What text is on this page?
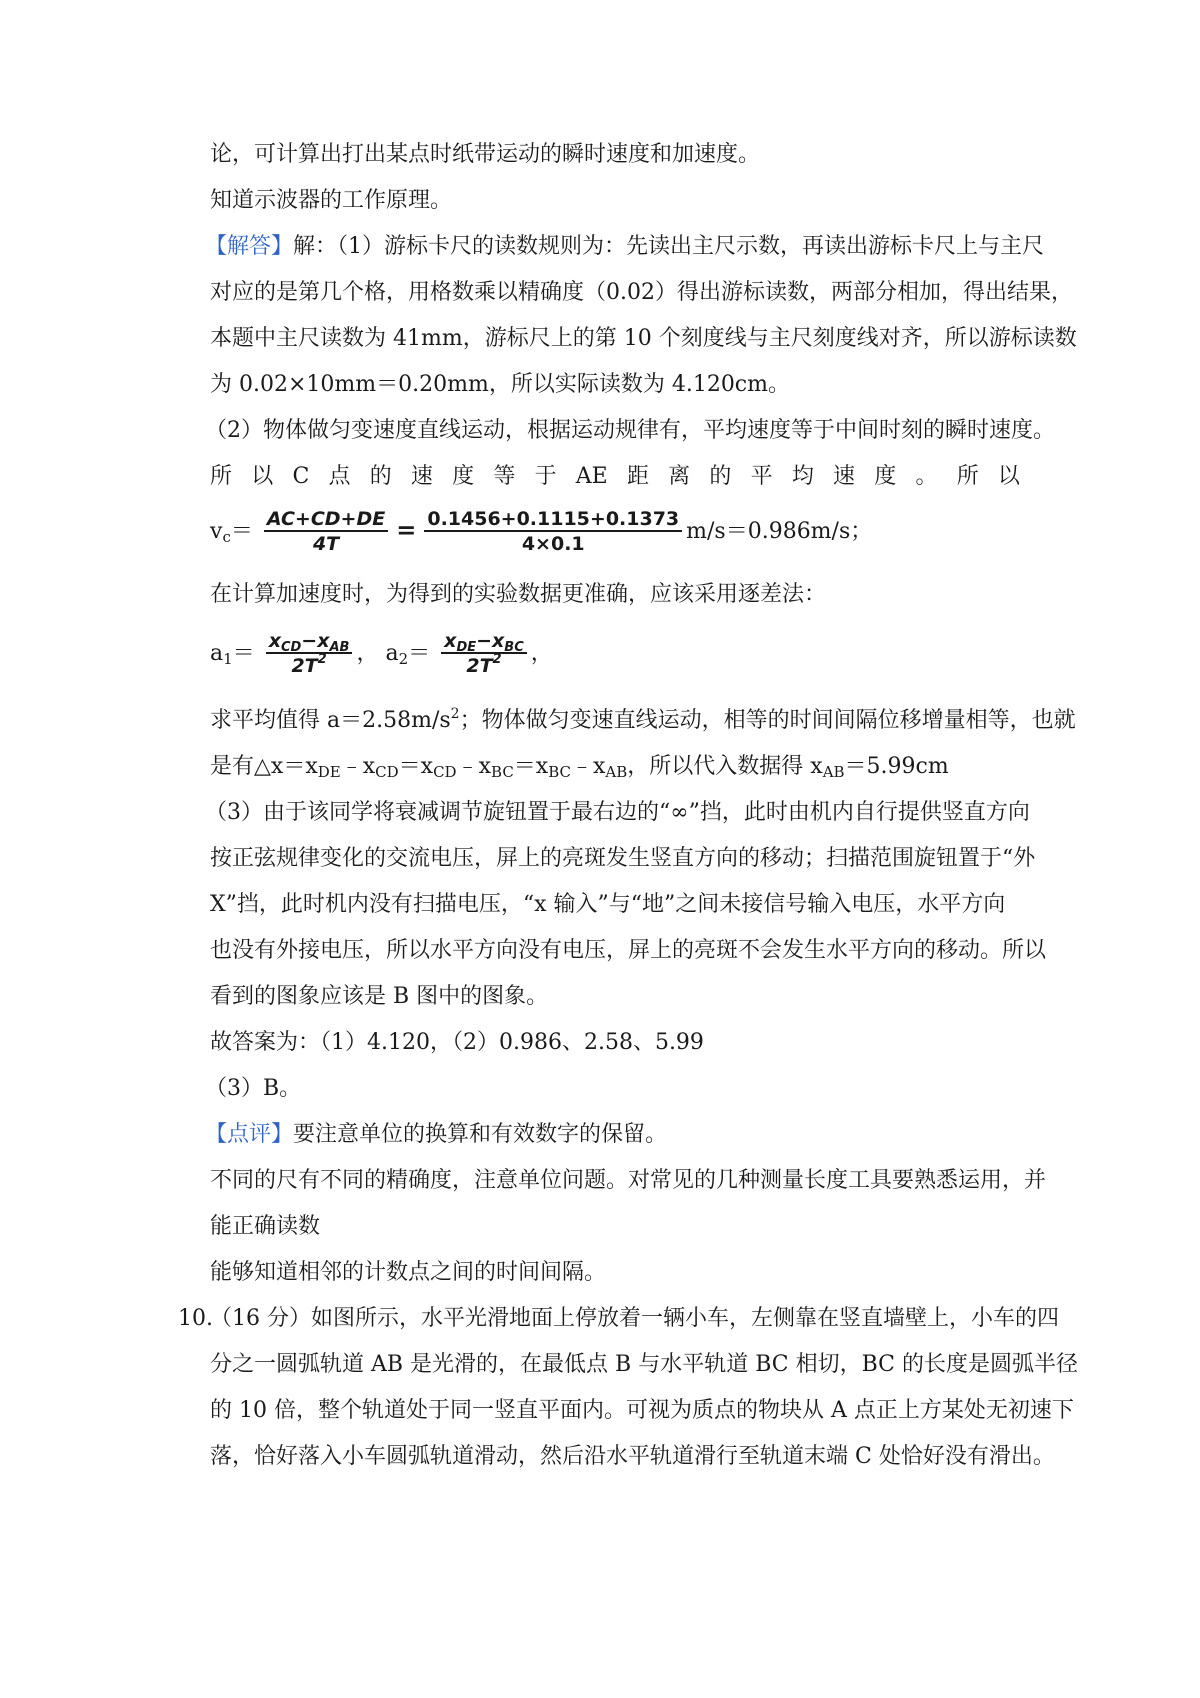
论，可计算出打出某点时纸带运动的瞬时速度和加速度。
知道示波器的工作原理。
【解答】解：（1）游标卡尺的读数规则为：先读出主尺示数，再读出游标卡尺上与主尺
对应的是第几个格，用格数乘以精确度（0.02）得出游标读数，两部分相加，得出结果，
本题中主尺读数为 41mm，游标尺上的第 10 个刻度线与主尺刻度线对齐，所以游标读数
为 0.02×10mm＝0.20mm，所以实际读数为 4.120cm。
（2）物体做匀变速度直线运动，根据运动规律有，平均速度等于中间时刻的瞬时速度。
所 以 C 点 的 速 度 等 于 AE 距 离 的 平 均 速 度 。 所 以
$v_c= \frac{AC+CD+DE}{4T} = \frac{0.1456+0.1115+0.1373}{4\times 0.1} m/s=0.986m/s$；
在计算加速度时，为得到的实验数据更准确，应该采用逐差法：
$a_1= \frac{x_{CD}-x_{AB}}{2T^2}$ ， $a_2= \frac{x_{DE}-x_{BC}}{2T^2}$ ，
求平均值得 $a=2.58m/s^2$；物体做匀变速直线运动，相等的时间间隔位移增量相等，也就
是有$\triangle x=x_{DE}﹣x_{CD}=x_{CD}﹣x_{BC}=x_{BC}﹣x_{AB}$，所以代入数据得 $x_{AB}=5.99cm$
（3）由于该同学将衰减调节旋钮置于最右边的“∞”挡，此时由机内自行提供竖直方向
按正弦规律变化的交流电压，屏上的亮斑发生竖直方向的移动；扫描范围旋钮置于“外
X”挡，此时机内没有扫描电压，“x 输入”与“地”之间未接信号输入电压，水平方向
也没有外接电压，所以水平方向没有电压，屏上的亮斑不会发生水平方向的移动。所以
看到的图象应该是 B 图中的图象。
故答案为：（1）4.120，（2）0.986、2.58、5.99
（3）B。
【点评】要注意单位的换算和有效数字的保留。
不同的尺有不同的精确度，注意单位问题。对常见的几种测量长度工具要熟悉运用，并
能正确读数
能够知道相邻的计数点之间的时间间隔。
10.
（16 分）如图所示，水平光滑地面上停放着一辆小车，左侧靠在竖直墙壁上，小车的四
分之一圆弧轨道 AB 是光滑的，在最低点 B 与水平轨道 BC 相切，BC 的长度是圆弧半径
的 10 倍，整个轨道处于同一竖直平面内。可视为质点的物块从 A 点正上方某处无初速下
落，恰好落入小车圆弧轨道滑动，然后沿水平轨道滑行至轨道末端 C 处恰好没有滑出。
